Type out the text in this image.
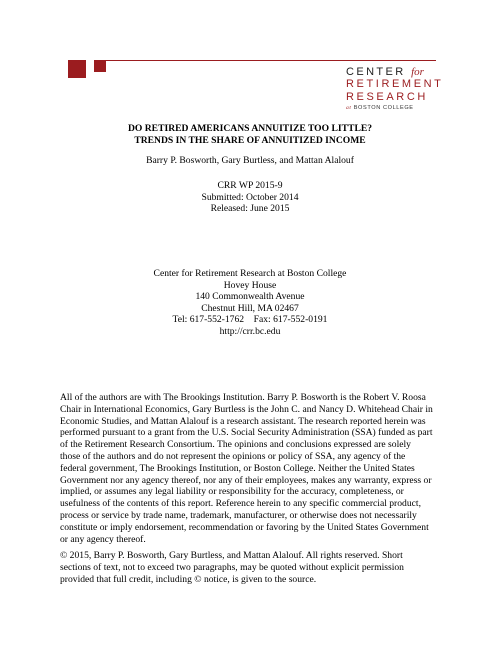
CENTER for
RETIREMENT
RESEARCH
at BOSTON COLLEGE
DO RETIRED AMERICANS ANNUITIZE TOO LITTLE?
TRENDS IN THE SHARE OF ANNUITIZED INCOME
Barry P. Bosworth, Gary Burtless, and Mattan Alalouf
CRR WP 2015-9
Submitted: October 2014
Released: June 2015
Center for Retirement Research at Boston College
Hovey House
140 Commonwealth Avenue
Chestnut Hill, MA 02467
Tel: 617-552-1762    Fax: 617-552-0191
http://crr.bc.edu
All of the authors are with The Brookings Institution. Barry P. Bosworth is the Robert V. Roosa
Chair in International Economics, Gary Burtless is the John C. and Nancy D. Whitehead Chair in
Economic Studies, and Mattan Alalouf is a research assistant. The research reported herein was
performed pursuant to a grant from the U.S. Social Security Administration (SSA) funded as part
of the Retirement Research Consortium. The opinions and conclusions expressed are solely
those of the authors and do not represent the opinions or policy of SSA, any agency of the
federal government, The Brookings Institution, or Boston College. Neither the United States
Government nor any agency thereof, nor any of their employees, makes any warranty, express or
implied, or assumes any legal liability or responsibility for the accuracy, completeness, or
usefulness of the contents of this report. Reference herein to any specific commercial product,
process or service by trade name, trademark, manufacturer, or otherwise does not necessarily
constitute or imply endorsement, recommendation or favoring by the United States Government
or any agency thereof.
© 2015, Barry P. Bosworth, Gary Burtless, and Mattan Alalouf. All rights reserved. Short
sections of text, not to exceed two paragraphs, may be quoted without explicit permission
provided that full credit, including © notice, is given to the source.
